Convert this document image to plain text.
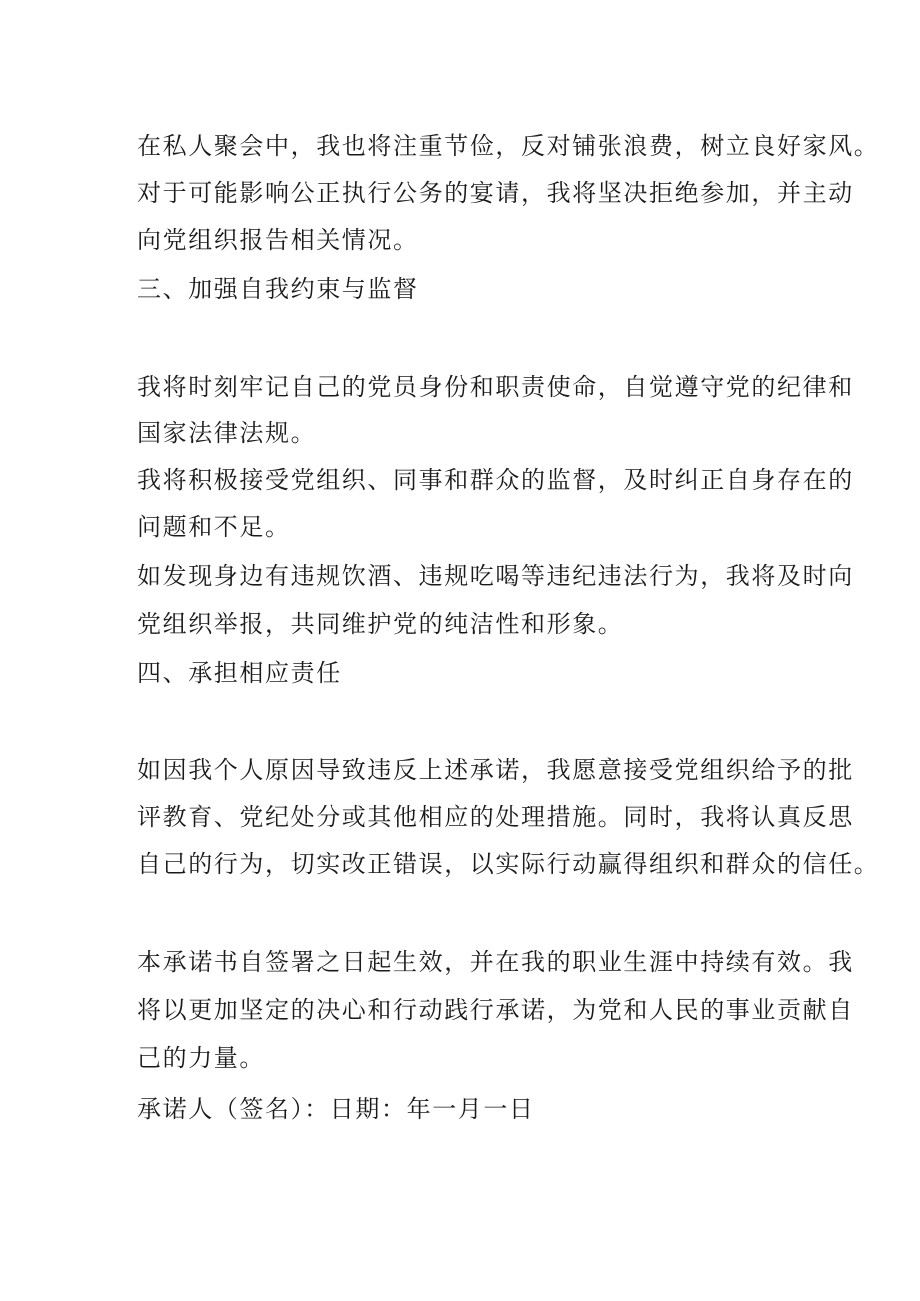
在私人聚会中，我也将注重节俭，反对铺张浪费，树立良好家风。
对于可能影响公正执行公务的宴请，我将坚决拒绝参加，并主动
向党组织报告相关情况。
三、加强自我约束与监督
我将时刻牢记自己的党员身份和职责使命，自觉遵守党的纪律和
国家法律法规。
我将积极接受党组织、同事和群众的监督，及时纠正自身存在的
问题和不足。
如发现身边有违规饮酒、违规吃喝等违纪违法行为，我将及时向
党组织举报，共同维护党的纯洁性和形象。
四、承担相应责任
如因我个人原因导致违反上述承诺，我愿意接受党组织给予的批
评教育、党纪处分或其他相应的处理措施。同时，我将认真反思
自己的行为，切实改正错误，以实际行动赢得组织和群众的信任。
本承诺书自签署之日起生效，并在我的职业生涯中持续有效。我
将以更加坚定的决心和行动践行承诺，为党和人民的事业贡献自
己的力量。
承诺人（签名）：日期：年一月一日
